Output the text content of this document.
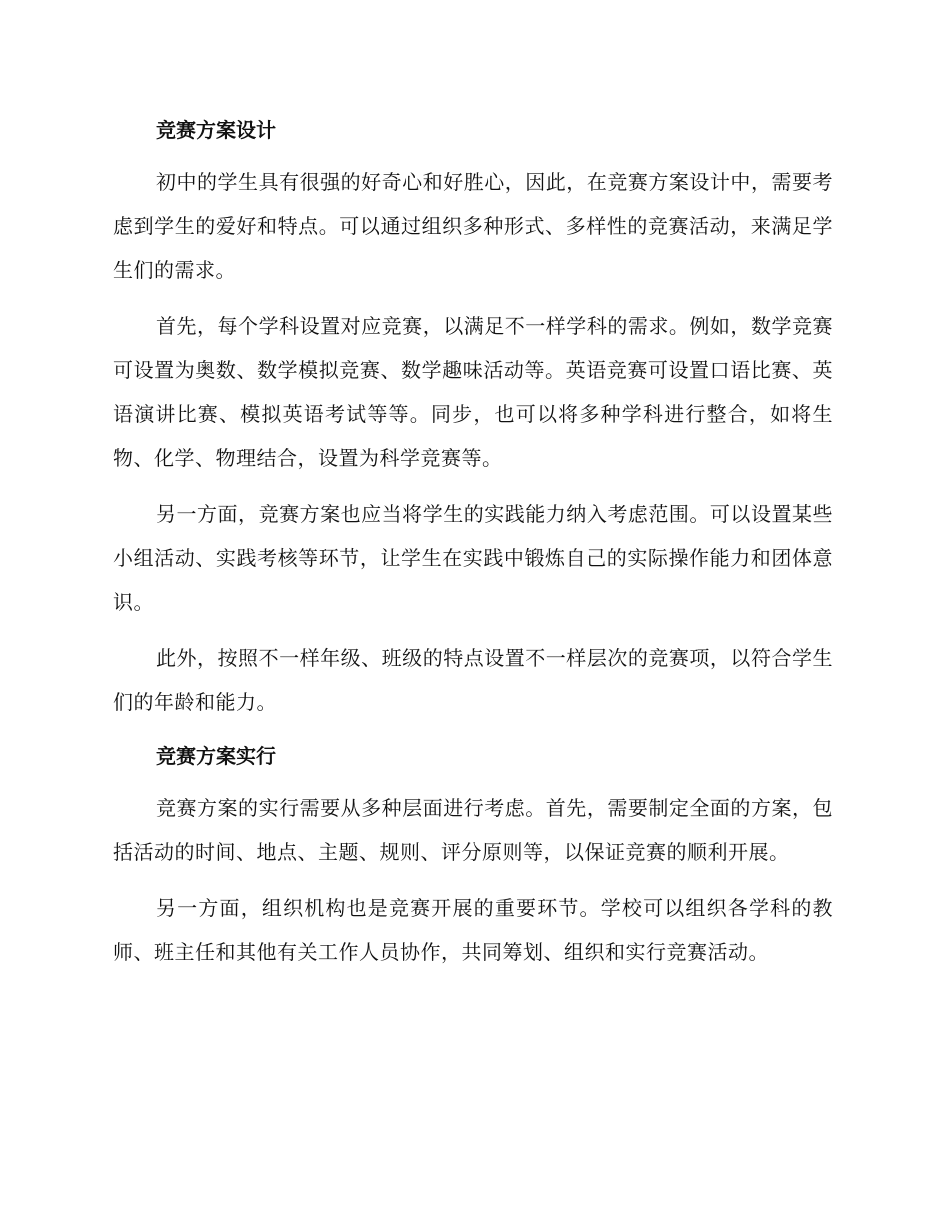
竞赛方案设计

初中的学生具有很强的好奇心和好胜心，因此，在竞赛方案设计中，需要考虑到学生的爱好和特点。可以通过组织多种形式、多样性的竞赛活动，来满足学生们的需求。

首先，每个学科设置对应竞赛，以满足不一样学科的需求。例如，数学竞赛可设置为奥数、数学模拟竞赛、数学趣味活动等。英语竞赛可设置口语比赛、英语演讲比赛、模拟英语考试等等。同步，也可以将多种学科进行整合，如将生物、化学、物理结合，设置为科学竞赛等。

另一方面，竞赛方案也应当将学生的实践能力纳入考虑范围。可以设置某些小组活动、实践考核等环节，让学生在实践中锻炼自己的实际操作能力和团体意识。

此外，按照不一样年级、班级的特点设置不一样层次的竞赛项，以符合学生们的年龄和能力。

竞赛方案实行

竞赛方案的实行需要从多种层面进行考虑。首先，需要制定全面的方案，包括活动的时间、地点、主题、规则、评分原则等，以保证竞赛的顺利开展。

另一方面，组织机构也是竞赛开展的重要环节。学校可以组织各学科的教师、班主任和其他有关工作人员协作，共同筹划、组织和实行竞赛活动。
